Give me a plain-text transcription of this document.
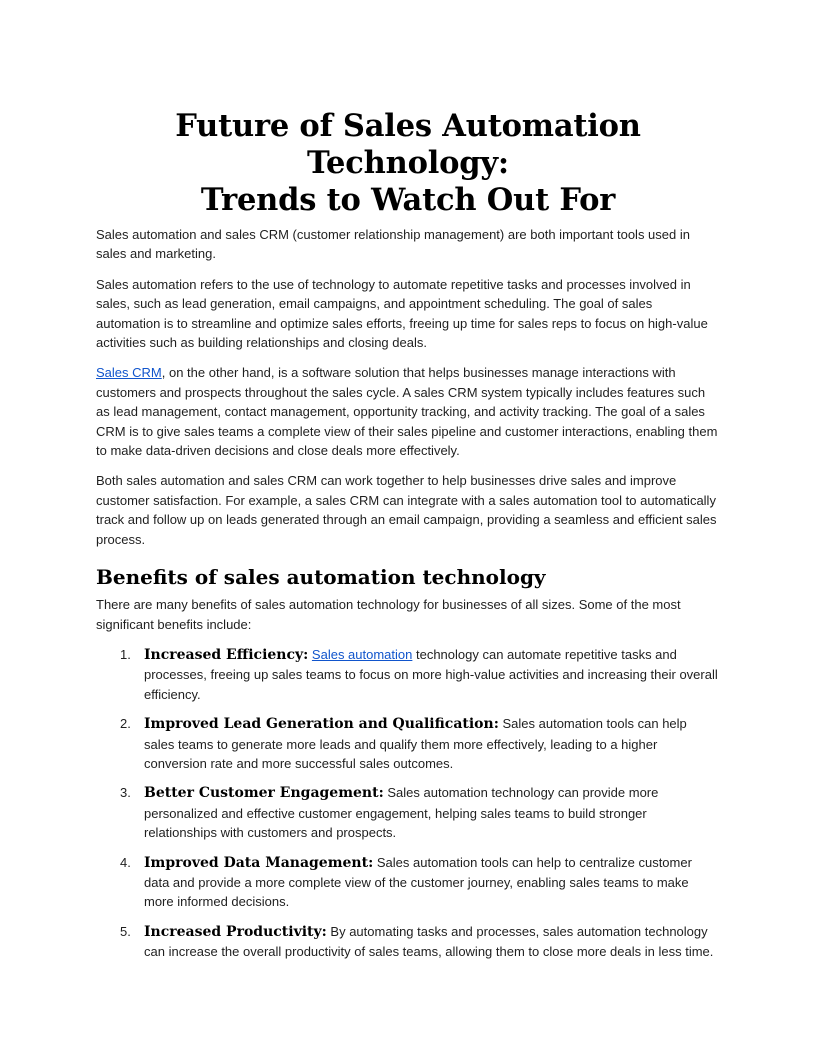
Future of Sales Automation Technology:
Trends to Watch Out For

Sales automation and sales CRM (customer relationship management) are both important tools used in sales and marketing.

Sales automation refers to the use of technology to automate repetitive tasks and processes involved in sales, such as lead generation, email campaigns, and appointment scheduling. The goal of sales automation is to streamline and optimize sales efforts, freeing up time for sales reps to focus on high-value activities such as building relationships and closing deals.

Sales CRM, on the other hand, is a software solution that helps businesses manage interactions with customers and prospects throughout the sales cycle. A sales CRM system typically includes features such as lead management, contact management, opportunity tracking, and activity tracking. The goal of a sales CRM is to give sales teams a complete view of their sales pipeline and customer interactions, enabling them to make data-driven decisions and close deals more effectively.

Both sales automation and sales CRM can work together to help businesses drive sales and improve customer satisfaction. For example, a sales CRM can integrate with a sales automation tool to automatically track and follow up on leads generated through an email campaign, providing a seamless and efficient sales process.

Benefits of sales automation technology

There are many benefits of sales automation technology for businesses of all sizes. Some of the most significant benefits include:

1. Increased Efficiency: Sales automation technology can automate repetitive tasks and processes, freeing up sales teams to focus on more high-value activities and increasing their overall efficiency.
2. Improved Lead Generation and Qualification: Sales automation tools can help sales teams to generate more leads and qualify them more effectively, leading to a higher conversion rate and more successful sales outcomes.
3. Better Customer Engagement: Sales automation technology can provide more personalized and effective customer engagement, helping sales teams to build stronger relationships with customers and prospects.
4. Improved Data Management: Sales automation tools can help to centralize customer data and provide a more complete view of the customer journey, enabling sales teams to make more informed decisions.
5. Increased Productivity: By automating tasks and processes, sales automation technology can increase the overall productivity of sales teams, allowing them to close more deals in less time.
